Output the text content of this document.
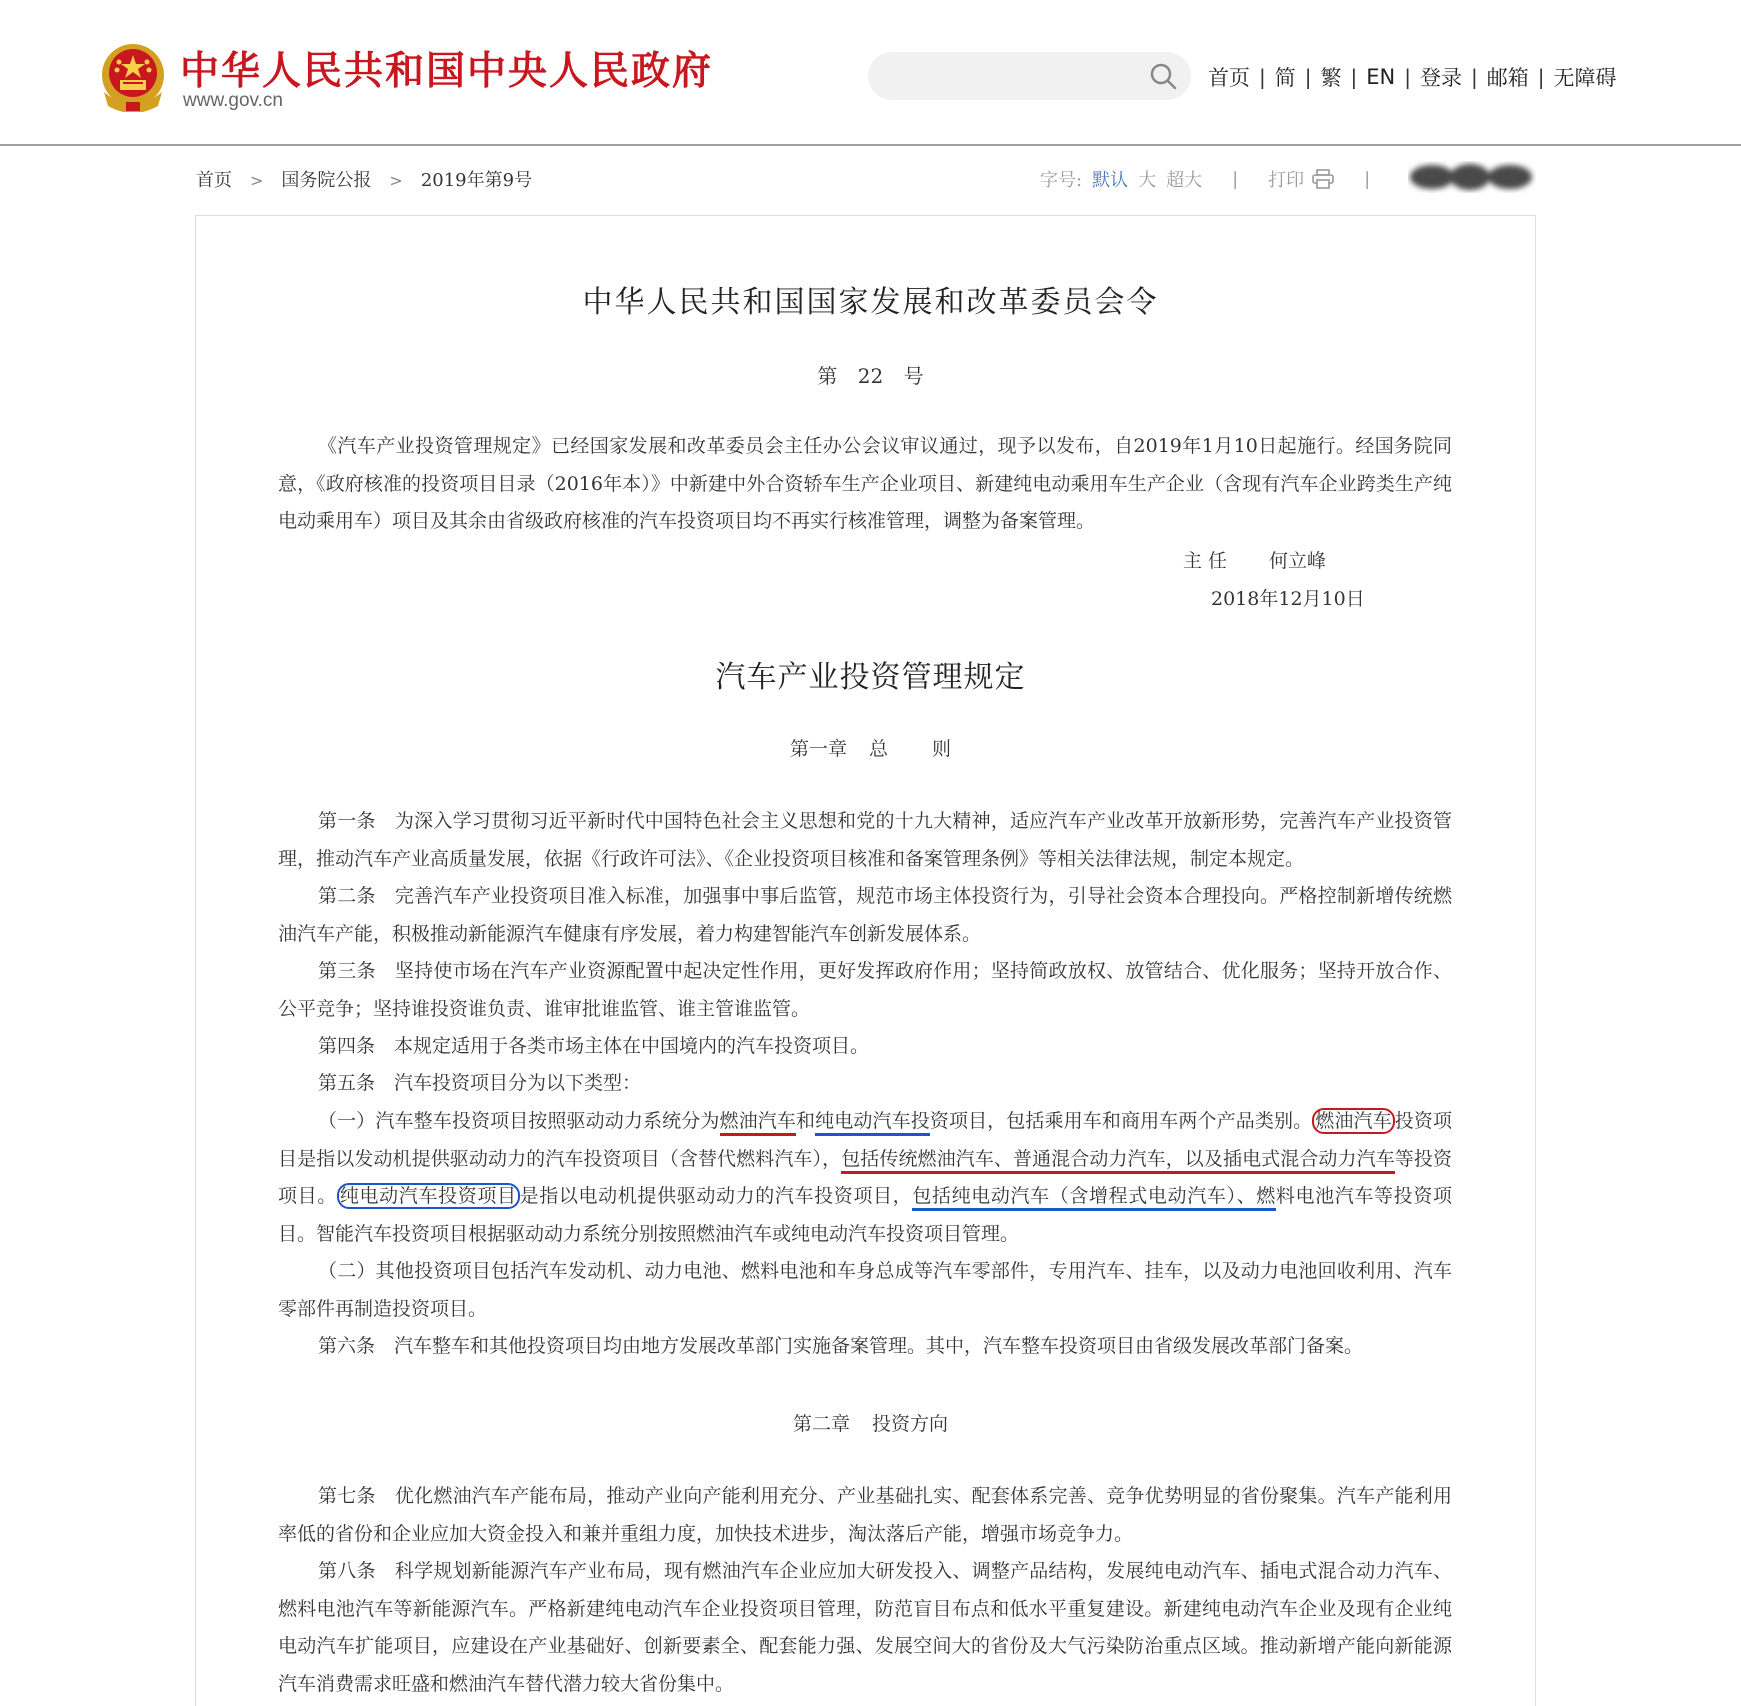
中华人民共和国中央人民政府
www.gov.cn
首页 | 简 | 繁 | EN | 登录 | 邮箱 | 无障碍
首页 > 国务院公报 > 2019年第9号	字号: 默认 大 超大 | 打印	|
中华人民共和国国家发展和改革委员会令
第 22 号
《汽车产业投资管理规定》已经国家发展和改革委员会主任办公会议审议通过，现予以发布，自2019年1月10日起施行。经国务院同意，《政府核准的投资项目目录（2016年本）》中新建中外合资轿车生产企业项目、新建纯电动乘用车生产企业（含现有汽车企业跨类生产纯电动乘用车）项目及其余由省级政府核准的汽车投资项目均不再实行核准管理，调整为备案管理。
主 任 何立峰
2018年12月10日
汽车产业投资管理规定
第一章 总 则
第一条　为深入学习贯彻习近平新时代中国特色社会主义思想和党的十九大精神，适应汽车产业改革开放新形势，完善汽车产业投资管理，推动汽车产业高质量发展，依据《行政许可法》、《企业投资项目核准和备案管理条例》等相关法律法规，制定本规定。
第二条　完善汽车产业投资项目准入标准，加强事中事后监管，规范市场主体投资行为，引导社会资本合理投向。严格控制新增传统燃油汽车产能，积极推动新能源汽车健康有序发展，着力构建智能汽车创新发展体系。
第三条　坚持使市场在汽车产业资源配置中起决定性作用，更好发挥政府作用；坚持简政放权、放管结合、优化服务；坚持开放合作、公平竞争；坚持谁投资谁负责、谁审批谁监管、谁主管谁监管。
第四条　本规定适用于各类市场主体在中国境内的汽车投资项目。
第五条　汽车投资项目分为以下类型：
（一）汽车整车投资项目按照驱动动力系统分为燃油汽车和纯电动汽车投资项目，包括乘用车和商用车两个产品类别。 燃油汽车 投资项目是指以发动机提供驱动动力的汽车投资项目（含替代燃料汽车），包括传统燃油汽车、普通混合动力汽车，以及插电式混合动力汽车等投资项目。 纯电动汽车投资项目 是指以电动机提供驱动动力的汽车投资项目，包括纯电动汽车（含增程式电动汽车）、燃料电池汽车等投资项目。智能汽车投资项目根据驱动动力系统分别按照燃油汽车或纯电动汽车投资项目管理。
（二）其他投资项目包括汽车发动机、动力电池、燃料电池和车身总成等汽车零部件，专用汽车、挂车，以及动力电池回收利用、汽车零部件再制造投资项目。
第六条　汽车整车和其他投资项目均由地方发展改革部门实施备案管理。其中，汽车整车投资项目由省级发展改革部门备案。
第二章 投资方向
第七条　优化燃油汽车产能布局，推动产业向产能利用充分、产业基础扎实、配套体系完善、竞争优势明显的省份聚集。汽车产能利用率低的省份和企业应加大资金投入和兼并重组力度，加快技术进步，淘汰落后产能，增强市场竞争力。
第八条　科学规划新能源汽车产业布局，现有燃油汽车企业应加大研发投入、调整产品结构，发展纯电动汽车、插电式混合动力汽车、燃料电池汽车等新能源汽车。严格新建纯电动汽车企业投资项目管理，防范盲目布点和低水平重复建设。新建纯电动汽车企业及现有企业纯电动汽车扩能项目，应建设在产业基础好、创新要素全、配套能力强、发展空间大的省份及大气污染防治重点区域。推动新增产能向新能源汽车消费需求旺盛和燃油汽车替代潜力较大省份集中。
